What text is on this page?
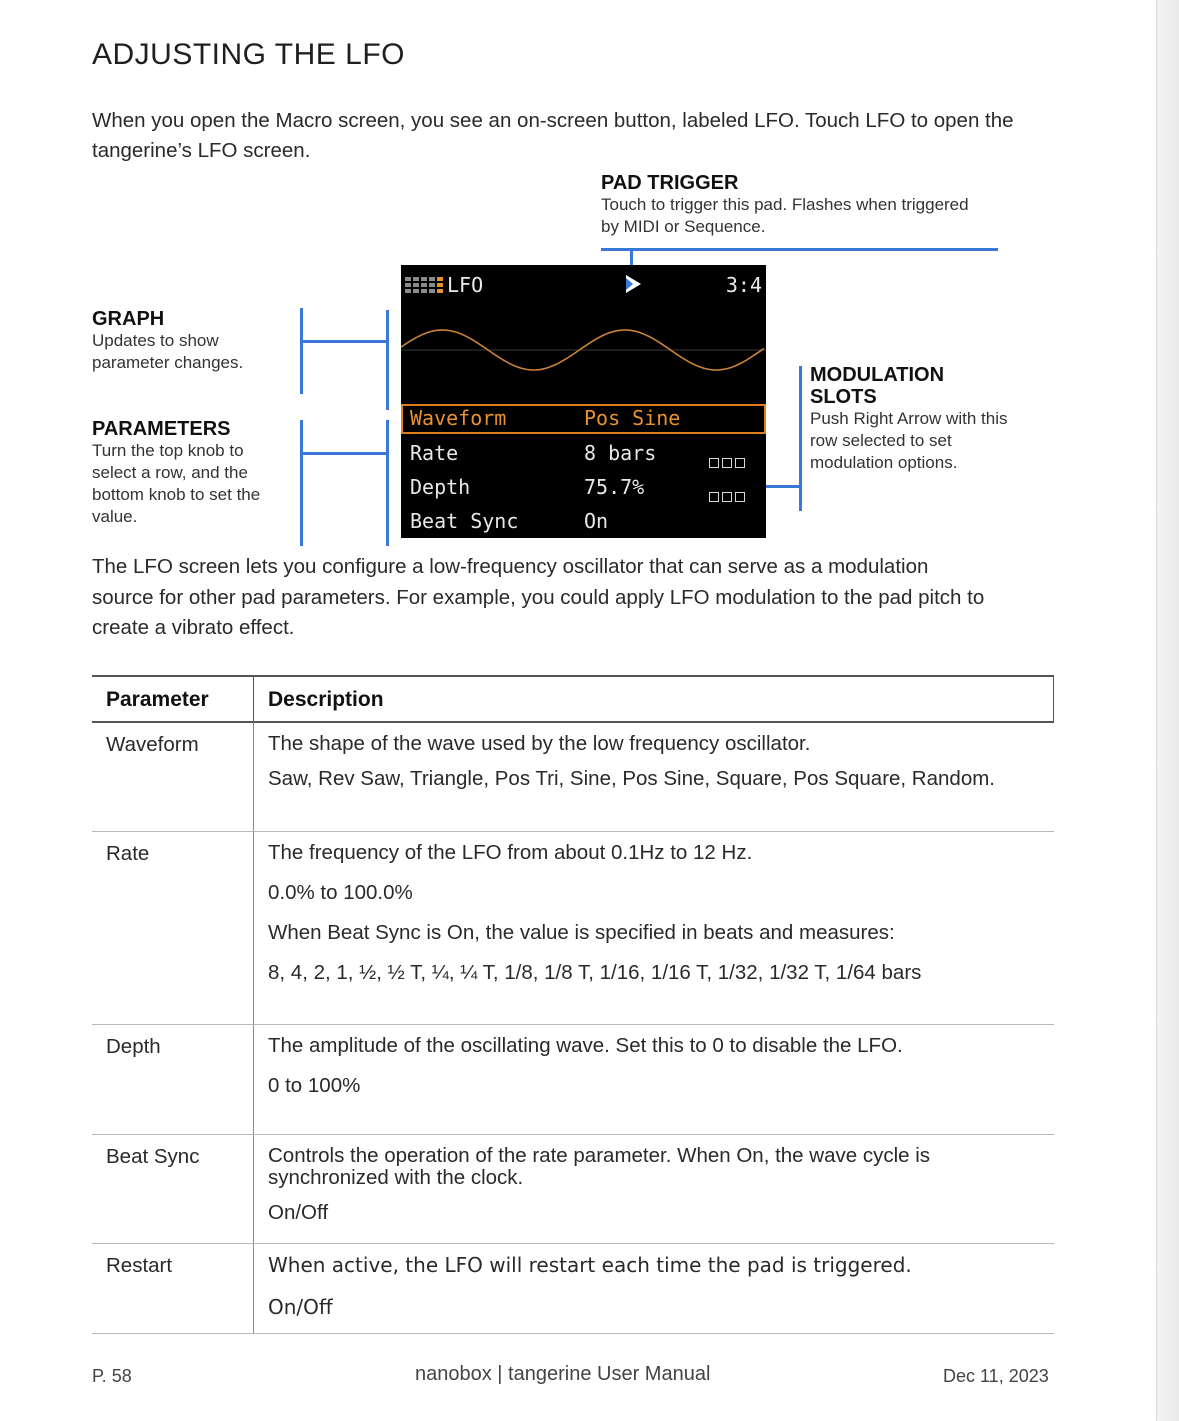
ADJUSTING THE LFO
When you open the Macro screen, you see an on-screen button, labeled LFO. Touch LFO to open the tangerine’s LFO screen.
PAD TRIGGER
Touch to trigger this pad. Flashes when triggered by MIDI or Sequence.
GRAPH
Updates to show parameter changes.
PARAMETERS
Turn the top knob to select a row, and the bottom knob to set the value.
MODULATION
SLOTS
Push Right Arrow with this row selected to set modulation options.
LFO	3:4
Waveform	Pos Sine
Rate	8 bars
Depth	75.7%
Beat Sync	On
The LFO screen lets you configure a low-frequency oscillator that can serve as a modulation source for other pad parameters. For example, you could apply LFO modulation to the pad pitch to create a vibrato effect.
Parameter	Description
Waveform	The shape of the wave used by the low frequency oscillator.

Saw, Rev Saw, Triangle, Pos Tri, Sine, Pos Sine, Square, Pos Square, Random.

Rate	The frequency of the LFO from about 0.1Hz to 12 Hz.

0.0% to 100.0%

When Beat Sync is On, the value is specified in beats and measures:

8, 4, 2, 1, ½, ½ T, ¼, ¼ T, 1/8, 1/8 T, 1/16, 1/16 T, 1/32, 1/32 T, 1/64 bars

Depth	The amplitude of the oscillating wave. Set this to 0 to disable the LFO.

0 to 100%

Beat Sync	Controls the operation of the rate parameter. When On, the wave cycle is synchronized with the clock.

On/Off

Restart	When active, the LFO will restart each time the pad is triggered.

On/Off

P. 58	nanobox | tangerine User Manual	Dec 11, 2023
